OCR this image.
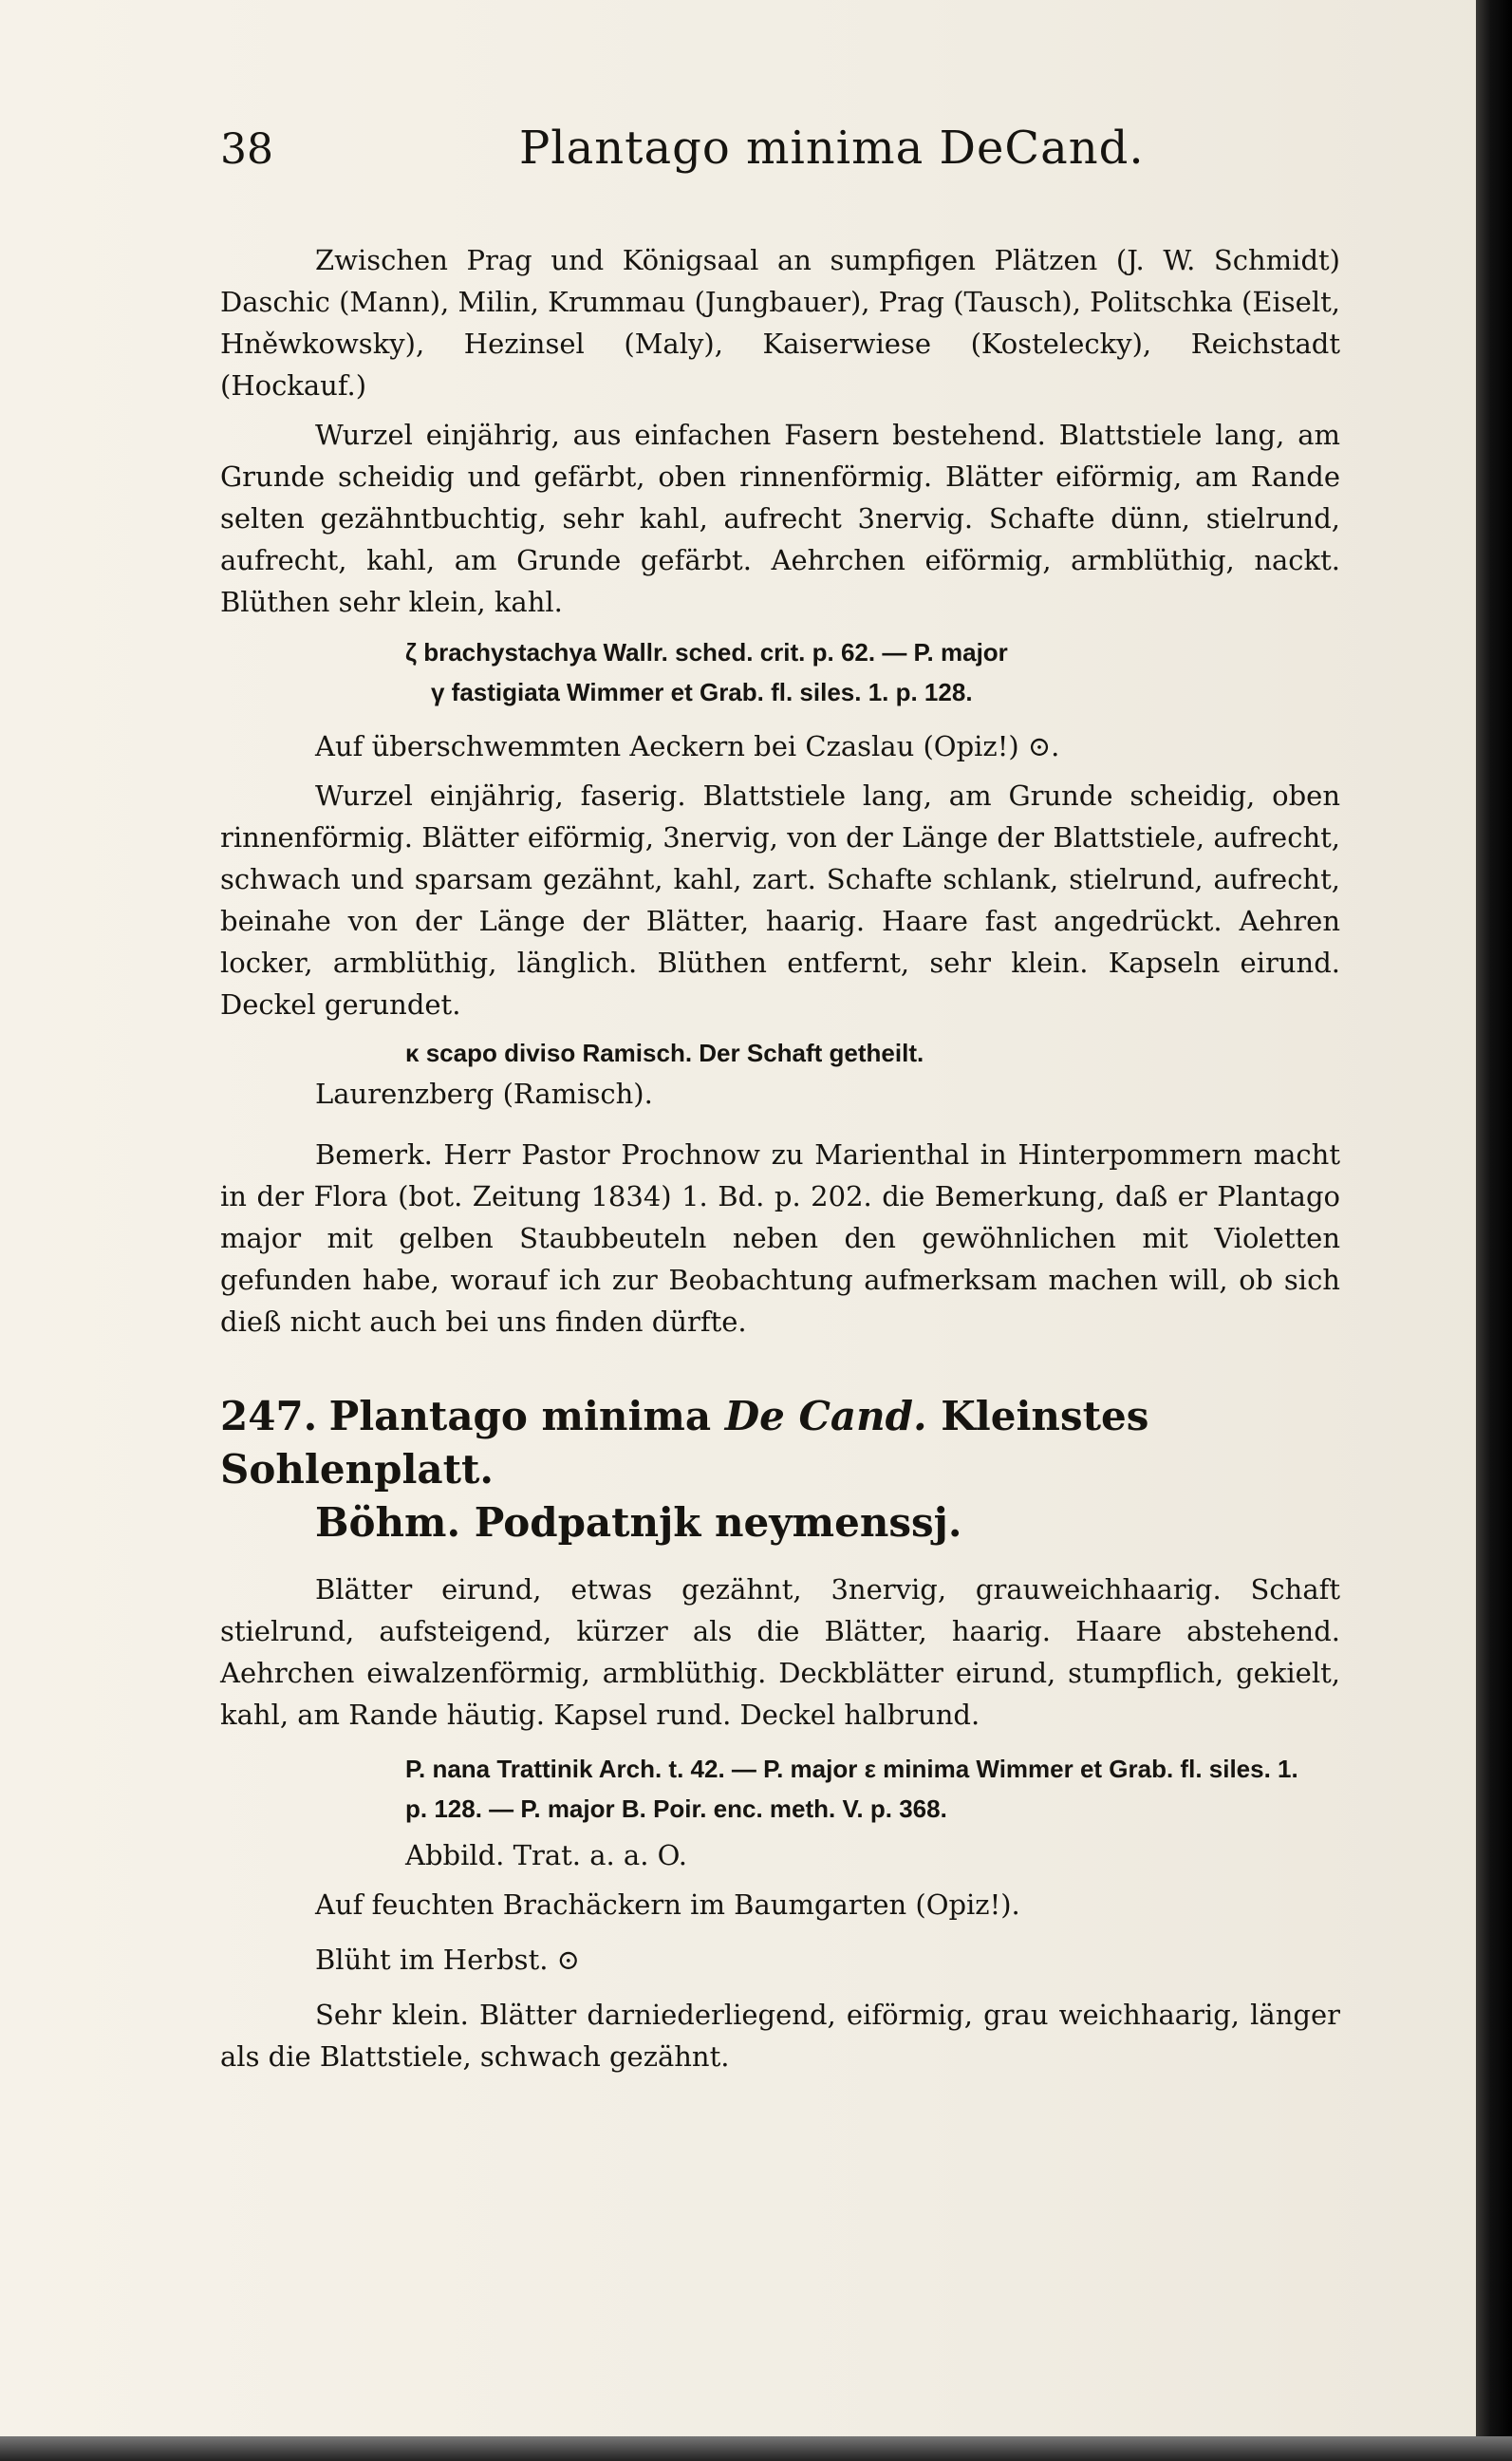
38	Plantago minima DeCand.

Zwischen Prag und Königsaal an sumpfigen Plätzen (J. W. Schmidt) Daschic (Mann), Milin, Krummau (Jungbauer), Prag (Tausch), Politschka (Eiselt, Hněwkowsky), Hezinsel (Maly), Kaiserwiese (Kostelecky), Reichstadt (Hockauf.)

Wurzel einjährig, aus einfachen Fasern bestehend. Blattstiele lang, am Grunde scheidig und gefärbt, oben rinnenförmig. Blätter eiförmig, am Rande selten gezähntbuchtig, sehr kahl, aufrecht 3nervig. Schafte dünn, stielrund, aufrecht, kahl, am Grunde gefärbt. Aehrchen eiförmig, armblüthig, nackt. Blüthen sehr klein, kahl.

ζ brachystachya Wallr. sched. crit. p. 62. — P. major

γ fastigiata Wimmer et Grab. fl. siles. 1. p. 128.

Auf überschwemmten Aeckern bei Czaslau (Opiz!) ⊙.

Wurzel einjährig, faserig. Blattstiele lang, am Grunde scheidig, oben rinnenförmig. Blätter eiförmig, 3nervig, von der Länge der Blattstiele, aufrecht, schwach und sparsam gezähnt, kahl, zart. Schafte schlank, stielrund, aufrecht, beinahe von der Länge der Blätter, haarig. Haare fast angedrückt. Aehren locker, armblüthig, länglich. Blüthen entfernt, sehr klein. Kapseln eirund. Deckel gerundet.

κ scapo diviso Ramisch. Der Schaft getheilt.

Laurenzberg (Ramisch).

Bemerk. Herr Pastor Prochnow zu Marienthal in Hinterpommern macht in der Flora (bot. Zeitung 1834) 1. Bd. p. 202. die Bemerkung, daß er Plantago major mit gelben Staubbeuteln neben den gewöhnlichen mit Violetten gefunden habe, worauf ich zur Beobachtung aufmerksam machen will, ob sich dieß nicht auch bei uns finden dürfte.

247. Plantago minima De Cand. Kleinstes Sohlenplatt.
Böhm. Podpatnjk neymenssj.

Blätter eirund, etwas gezähnt, 3nervig, grauweichhaarig. Schaft stielrund, aufsteigend, kürzer als die Blätter, haarig. Haare abstehend. Aehrchen eiwalzenförmig, armblüthig. Deckblätter eirund, stumpflich, gekielt, kahl, am Rande häutig. Kapsel rund. Deckel halbrund.

P. nana Trattinik Arch. t. 42. — P. major ε minima Wimmer et Grab. fl. siles. 1. p. 128. — P. major B. Poir. enc. meth. V. p. 368.

Abbild. Trat. a. a. O.

Auf feuchten Brachäckern im Baumgarten (Opiz!).

Blüht im Herbst. ⊙

Sehr klein. Blätter darniederliegend, eiförmig, grau weichhaarig, länger als die Blattstiele, schwach gezähnt.
